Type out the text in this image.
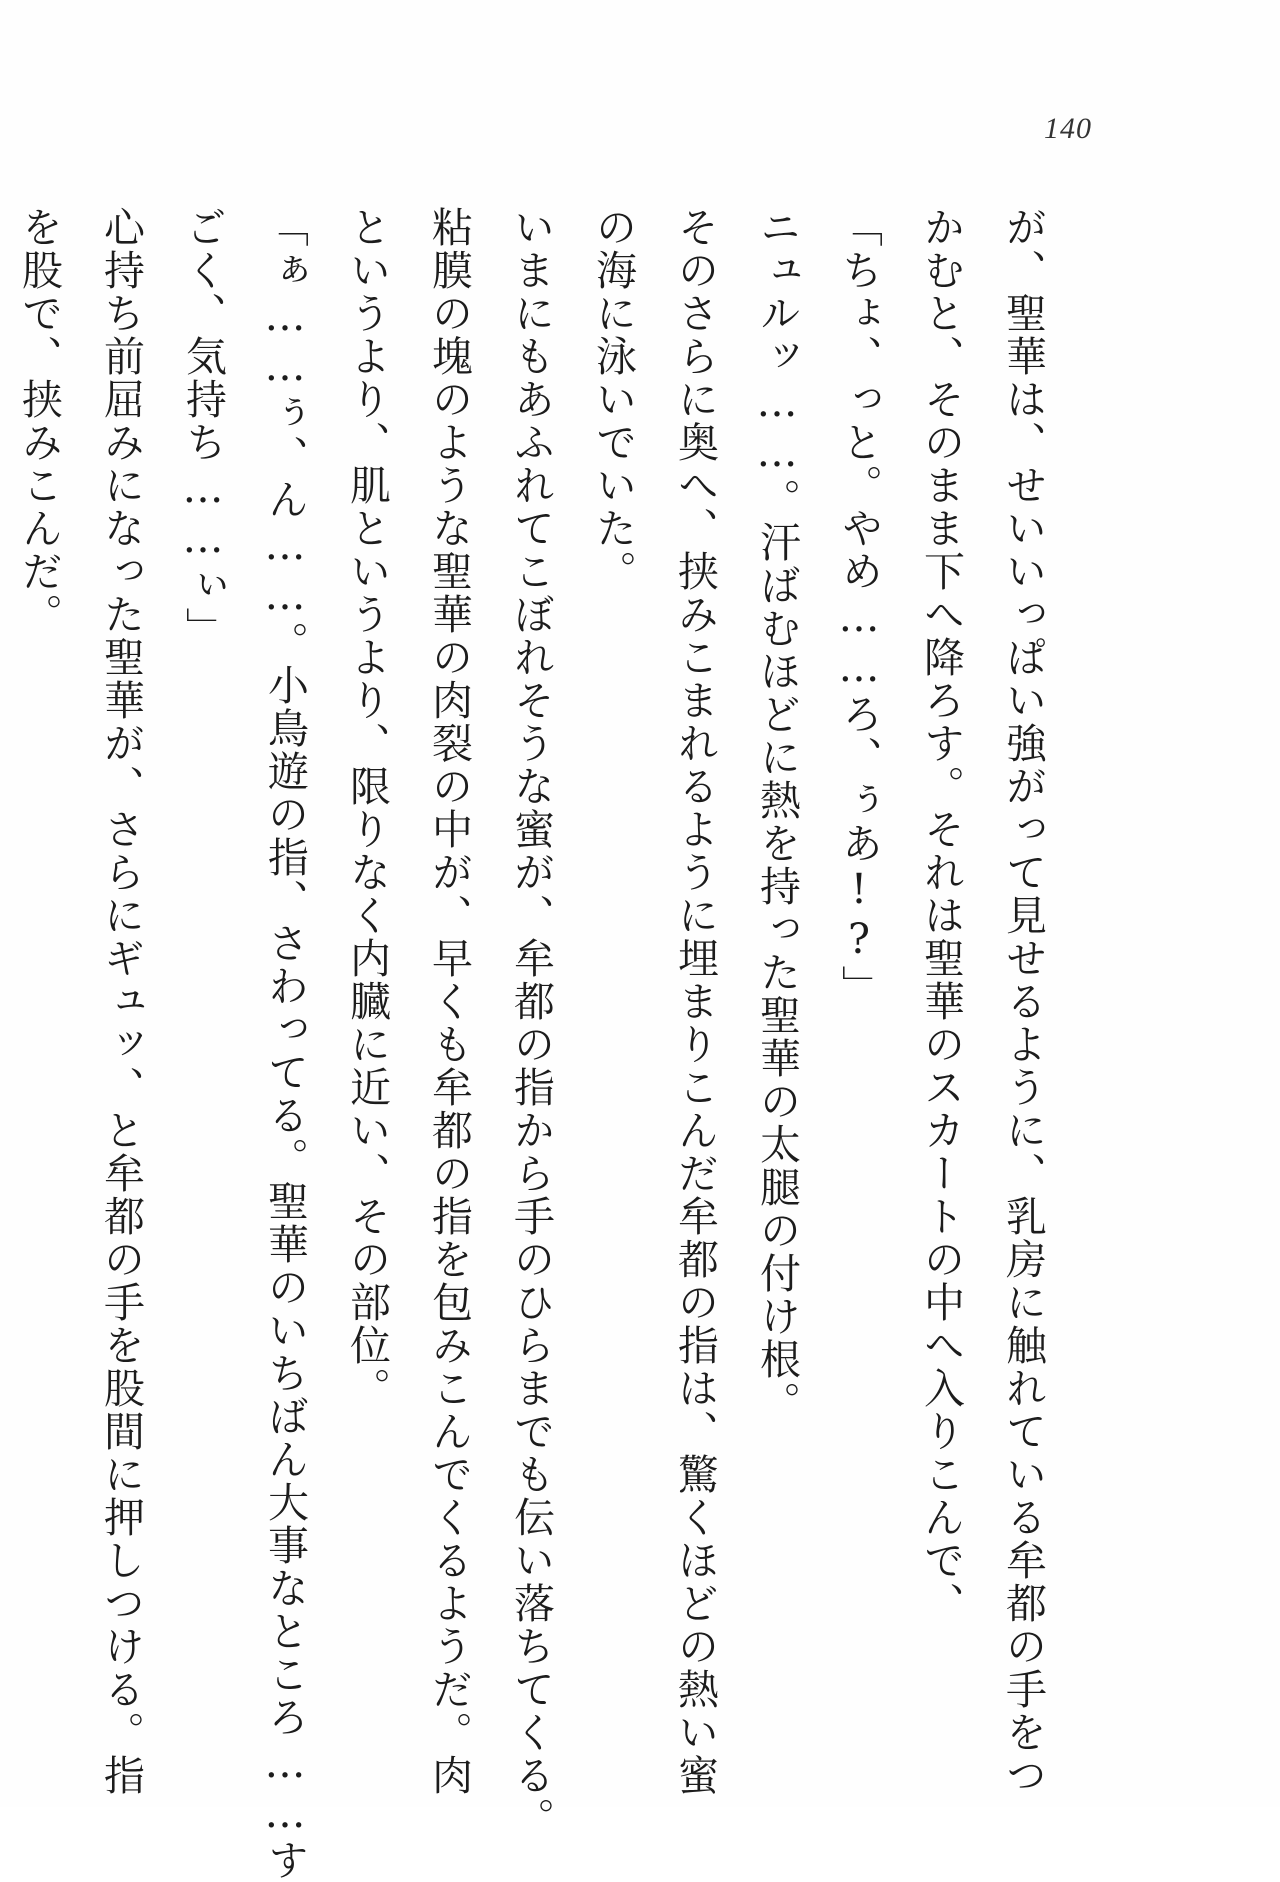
140
が、聖華は、せいいっぱい強がって見せるように、乳房に触れている牟都の手をつ
かむと、そのまま下へ降ろす。それは聖華のスカートの中へ入りこんで、
「ちょ、っと。やめ……ろ、ぅあ!?」
ニュルッ……。汗ばむほどに熱を持った聖華の太腿の付け根。
そのさらに奥へ、挟みこまれるように埋まりこんだ牟都の指は、驚くほどの熱い蜜
の海に泳いでいた。
いまにもあふれてこぼれそうな蜜が、牟都の指から手のひらまでも伝い落ちてくる。
粘膜の塊のような聖華の肉裂の中が、早くも牟都の指を包みこんでくるようだ。肉
というより、肌というより、限りなく内臓に近い、その部位。
「ぁ……ぅ、ん……。小鳥遊の指、さわってる。聖華のいちばん大事なところ……す
ごく、気持ち……ぃ」
心持ち前屈みになった聖華が、さらにギュッ、と牟都の手を股間に押しつける。指
を股で、挟みこんだ。
